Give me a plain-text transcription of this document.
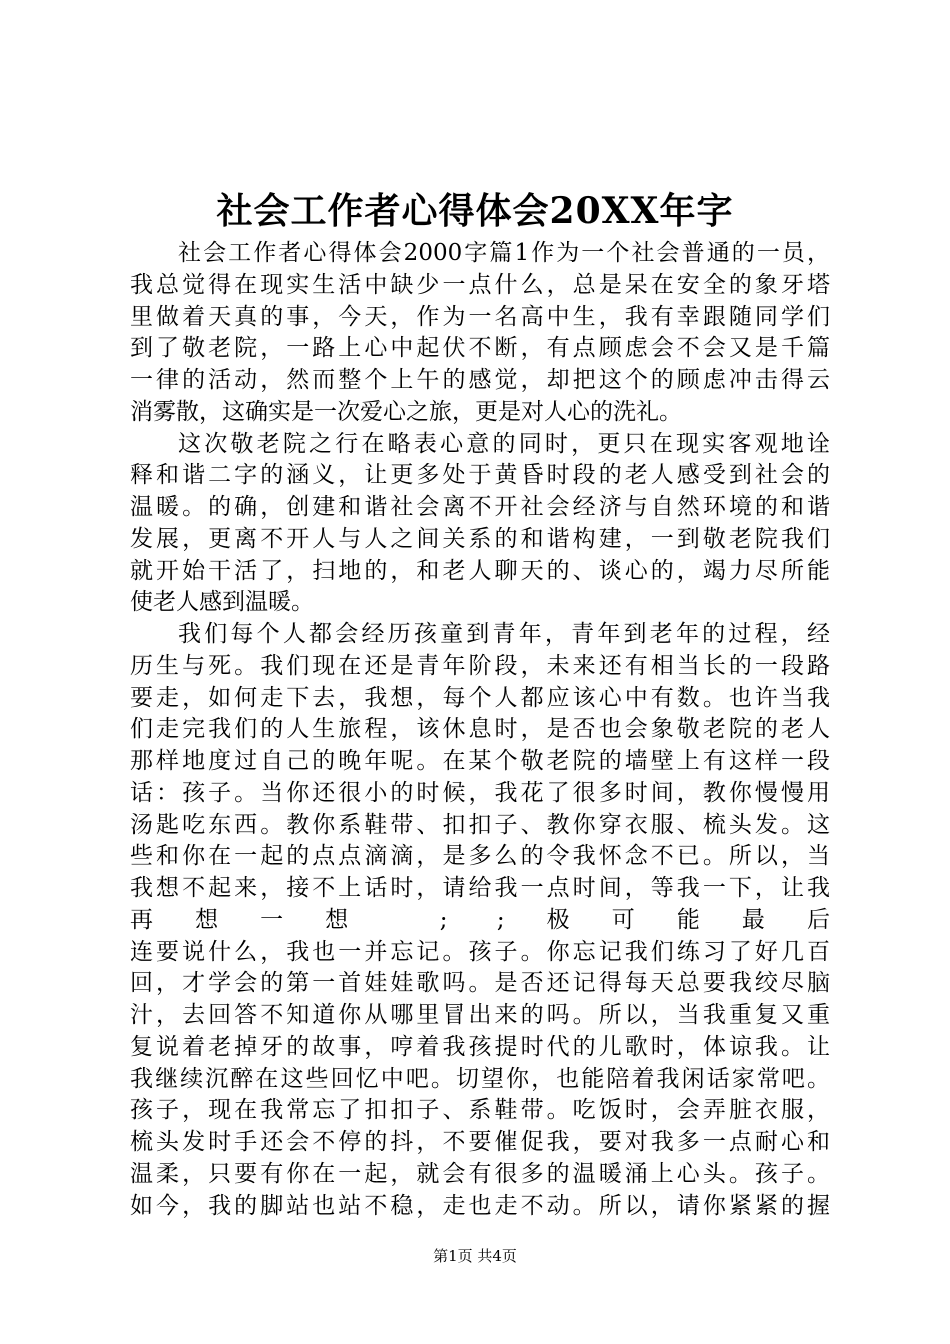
社会工作者心得体会20XX年字
社会工作者心得体会2000字篇1作为一个社会普通的一员，
我总觉得在现实生活中缺少一点什么，总是呆在安全的象牙塔
里做着天真的事，今天，作为一名高中生，我有幸跟随同学们
到了敬老院，一路上心中起伏不断，有点顾虑会不会又是千篇
一律的活动，然而整个上午的感觉，却把这个的顾虑冲击得云
消雾散，这确实是一次爱心之旅，更是对人心的洗礼。
这次敬老院之行在略表心意的同时，更只在现实客观地诠
释和谐二字的涵义，让更多处于黄昏时段的老人感受到社会的
温暖。的确，创建和谐社会离不开社会经济与自然环境的和谐
发展，更离不开人与人之间关系的和谐构建，一到敬老院我们
就开始干活了，扫地的，和老人聊天的、谈心的，竭力尽所能
使老人感到温暖。
我们每个人都会经历孩童到青年，青年到老年的过程，经
历生与死。我们现在还是青年阶段，未来还有相当长的一段路
要走，如何走下去，我想，每个人都应该心中有数。也许当我
们走完我们的人生旅程，该休息时，是否也会象敬老院的老人
那样地度过自己的晚年呢。在某个敬老院的墙壁上有这样一段
话：孩子。当你还很小的时候，我花了很多时间，教你慢慢用
汤匙吃东西。教你系鞋带、扣扣子、教你穿衣服、梳头发。这
些和你在一起的点点滴滴，是多么的令我怀念不已。所以，当
我想不起来，接不上话时，请给我一点时间，等我一下，让我
再想一想 ; ;极可能最后
连要说什么，我也一并忘记。孩子。你忘记我们练习了好几百
回，才学会的第一首娃娃歌吗。是否还记得每天总要我绞尽脑
汁，去回答不知道你从哪里冒出来的吗。所以，当我重复又重
复说着老掉牙的故事，哼着我孩提时代的儿歌时，体谅我。让
我继续沉醉在这些回忆中吧。切望你，也能陪着我闲话家常吧。
孩子，现在我常忘了扣扣子、系鞋带。吃饭时，会弄脏衣服，
梳头发时手还会不停的抖，不要催促我，要对我多一点耐心和
温柔，只要有你在一起，就会有很多的温暖涌上心头。孩子。
如今，我的脚站也站不稳，走也走不动。所以，请你紧紧的握
第1页 共4页
